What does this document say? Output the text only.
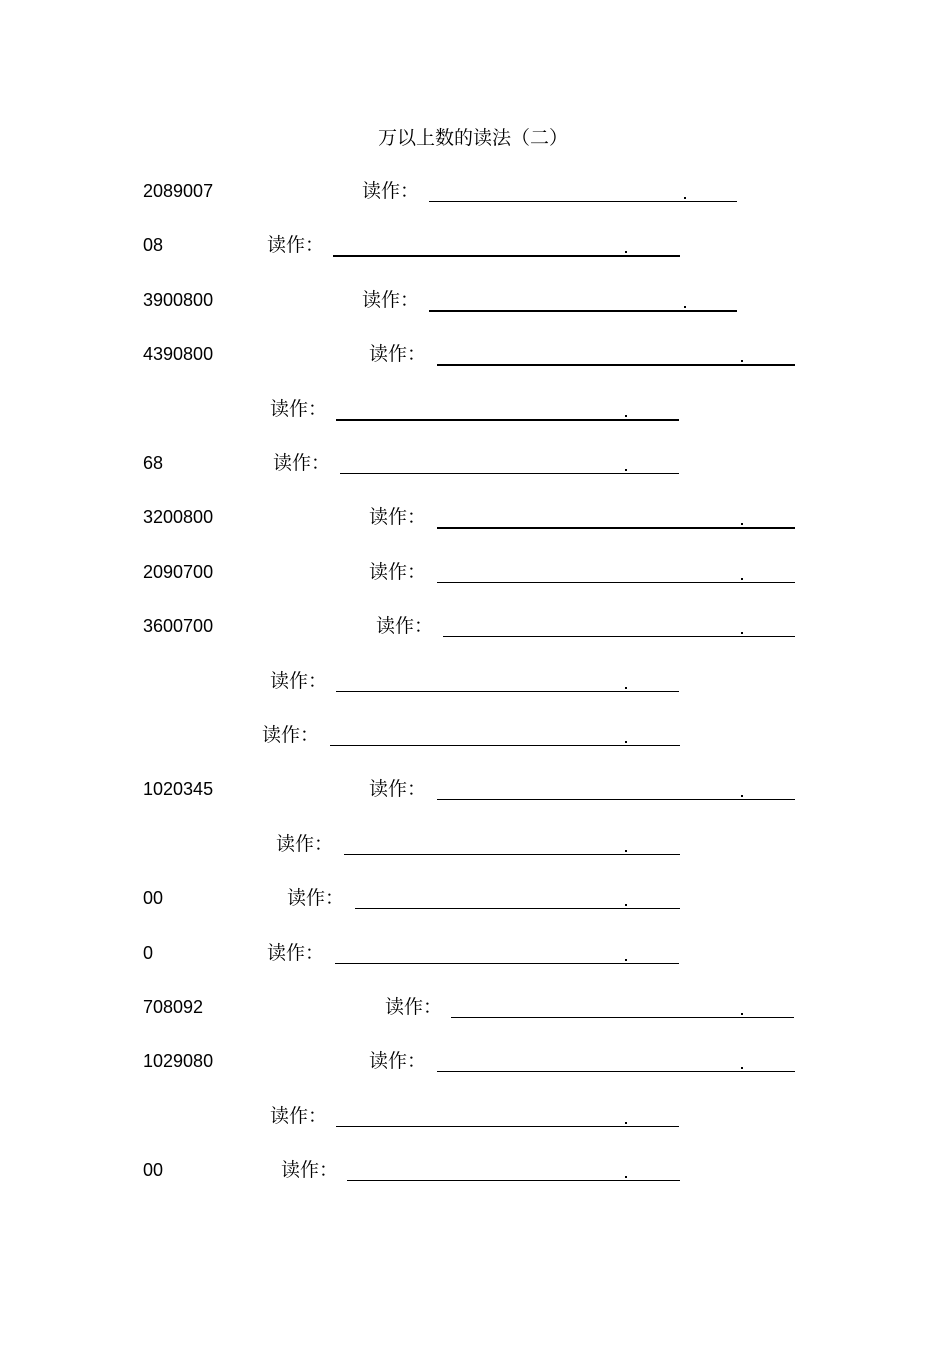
万以上数的读法（二）
2089007	读作：
08	读作：
3900800	读作：
4390800	读作：
读作：
68	读作：
3200800	读作：
2090700	读作：
3600700	读作：
读作：
读作：
1020345	读作：
读作：
00	读作：
0	读作：
708092	读作：
1029080	读作：
读作：
00	读作：
